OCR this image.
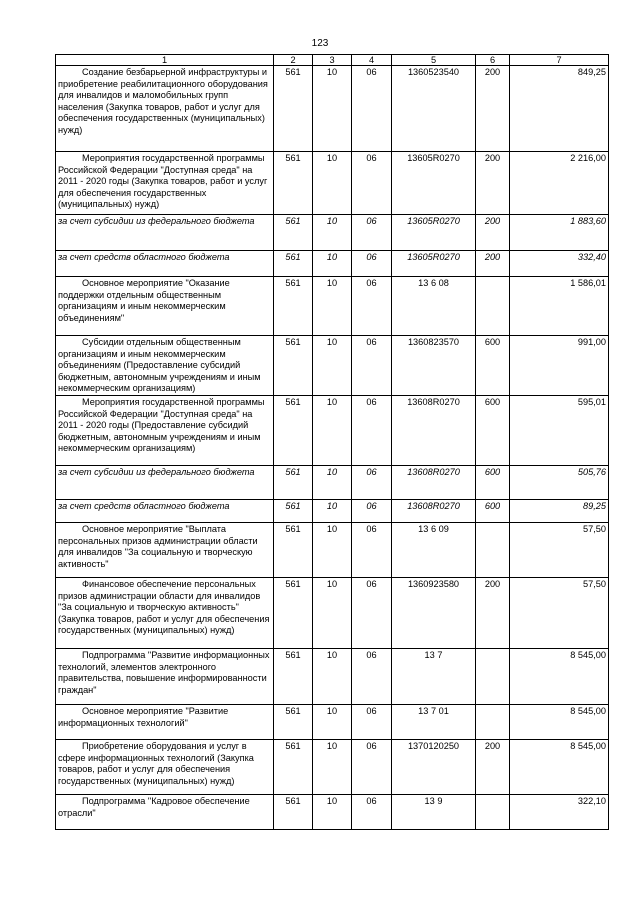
123
1	2	3	4	5	6	7
Создание безбарьерной инфраструктуры и приобретение реабилитационного оборудования для инвалидов и маломобильных групп населения (Закупка товаров, работ и услуг для обеспечения государственных (муниципальных) нужд)	561	10	06	1360523540	200	849,25
Мероприятия государственной программы Российской Федерации "Доступная среда" на 2011 - 2020 годы (Закупка товаров, работ и услуг для обеспечения государственных (муниципальных) нужд)	561	10	06	13605R0270	200	2 216,00
за счет субсидии из федерального бюджета	561	10	06	13605R0270	200	1 883,60
за счет средств областного бюджета	561	10	06	13605R0270	200	332,40
Основное мероприятие "Оказание поддержки отдельным общественным организациям и иным некоммерческим объединениям"	561	10	06	13 6 08		1 586,01
Субсидии отдельным общественным организациям и иным некоммерческим объединениям (Предоставление субсидий бюджетным, автономным учреждениям и иным некоммерческим организациям)	561	10	06	1360823570	600	991,00
Мероприятия государственной программы Российской Федерации "Доступная среда" на 2011 - 2020 годы (Предоставление субсидий бюджетным, автономным учреждениям и иным некоммерческим организациям)	561	10	06	13608R0270	600	595,01
за счет субсидии из федерального бюджета	561	10	06	13608R0270	600	505,76
за счет средств областного бюджета	561	10	06	13608R0270	600	89,25
Основное мероприятие "Выплата персональных призов администрации области для инвалидов "За социальную и творческую активность"	561	10	06	13 6 09		57,50
Финансовое обеспечение персональных призов администрации области для инвалидов "За социальную и творческую активность" (Закупка товаров, работ и услуг для обеспечения государственных (муниципальных) нужд)	561	10	06	1360923580	200	57,50
Подпрограмма "Развитие информационных технологий, элементов электронного правительства, повышение информированности граждан"	561	10	06	13 7		8 545,00
Основное мероприятие "Развитие информационных технологий"	561	10	06	13 7 01		8 545,00
Приобретение оборудования и услуг в сфере информационных технологий (Закупка товаров, работ и услуг для обеспечения государственных (муниципальных) нужд)	561	10	06	1370120250	200	8 545,00
Подпрограмма "Кадровое обеспечение отрасли"	561	10	06	13 9		322,10
